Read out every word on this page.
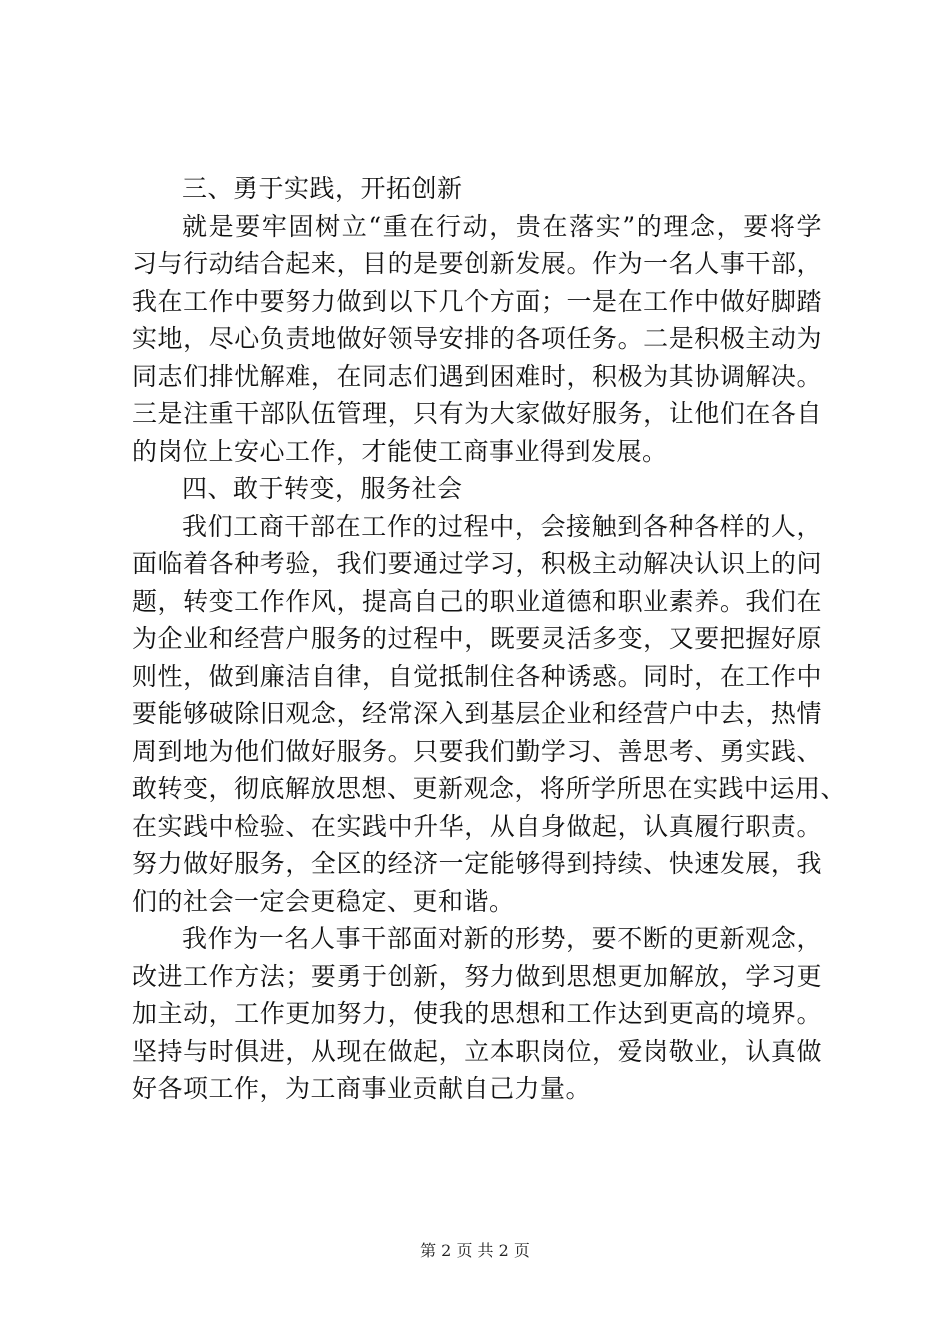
三、勇于实践，开拓创新
就是要牢固树立“重在行动，贵在落实”的理念，要将学
习与行动结合起来，目的是要创新发展。作为一名人事干部，
我在工作中要努力做到以下几个方面；一是在工作中做好脚踏
实地，尽心负责地做好领导安排的各项任务。二是积极主动为
同志们排忧解难，在同志们遇到困难时，积极为其协调解决。
三是注重干部队伍管理，只有为大家做好服务，让他们在各自
的岗位上安心工作，才能使工商事业得到发展。
四、敢于转变，服务社会
我们工商干部在工作的过程中，会接触到各种各样的人，
面临着各种考验，我们要通过学习，积极主动解决认识上的问
题，转变工作作风，提高自己的职业道德和职业素养。我们在
为企业和经营户服务的过程中，既要灵活多变，又要把握好原
则性，做到廉洁自律，自觉抵制住各种诱惑。同时，在工作中
要能够破除旧观念，经常深入到基层企业和经营户中去，热情
周到地为他们做好服务。只要我们勤学习、善思考、勇实践、
敢转变，彻底解放思想、更新观念，将所学所思在实践中运用、
在实践中检验、在实践中升华，从自身做起，认真履行职责。
努力做好服务，全区的经济一定能够得到持续、快速发展，我
们的社会一定会更稳定、更和谐。
我作为一名人事干部面对新的形势，要不断的更新观念，
改进工作方法；要勇于创新，努力做到思想更加解放，学习更
加主动，工作更加努力，使我的思想和工作达到更高的境界。
坚持与时俱进，从现在做起，立本职岗位，爱岗敬业，认真做
好各项工作，为工商事业贡献自己力量。
第 2 页 共 2 页
